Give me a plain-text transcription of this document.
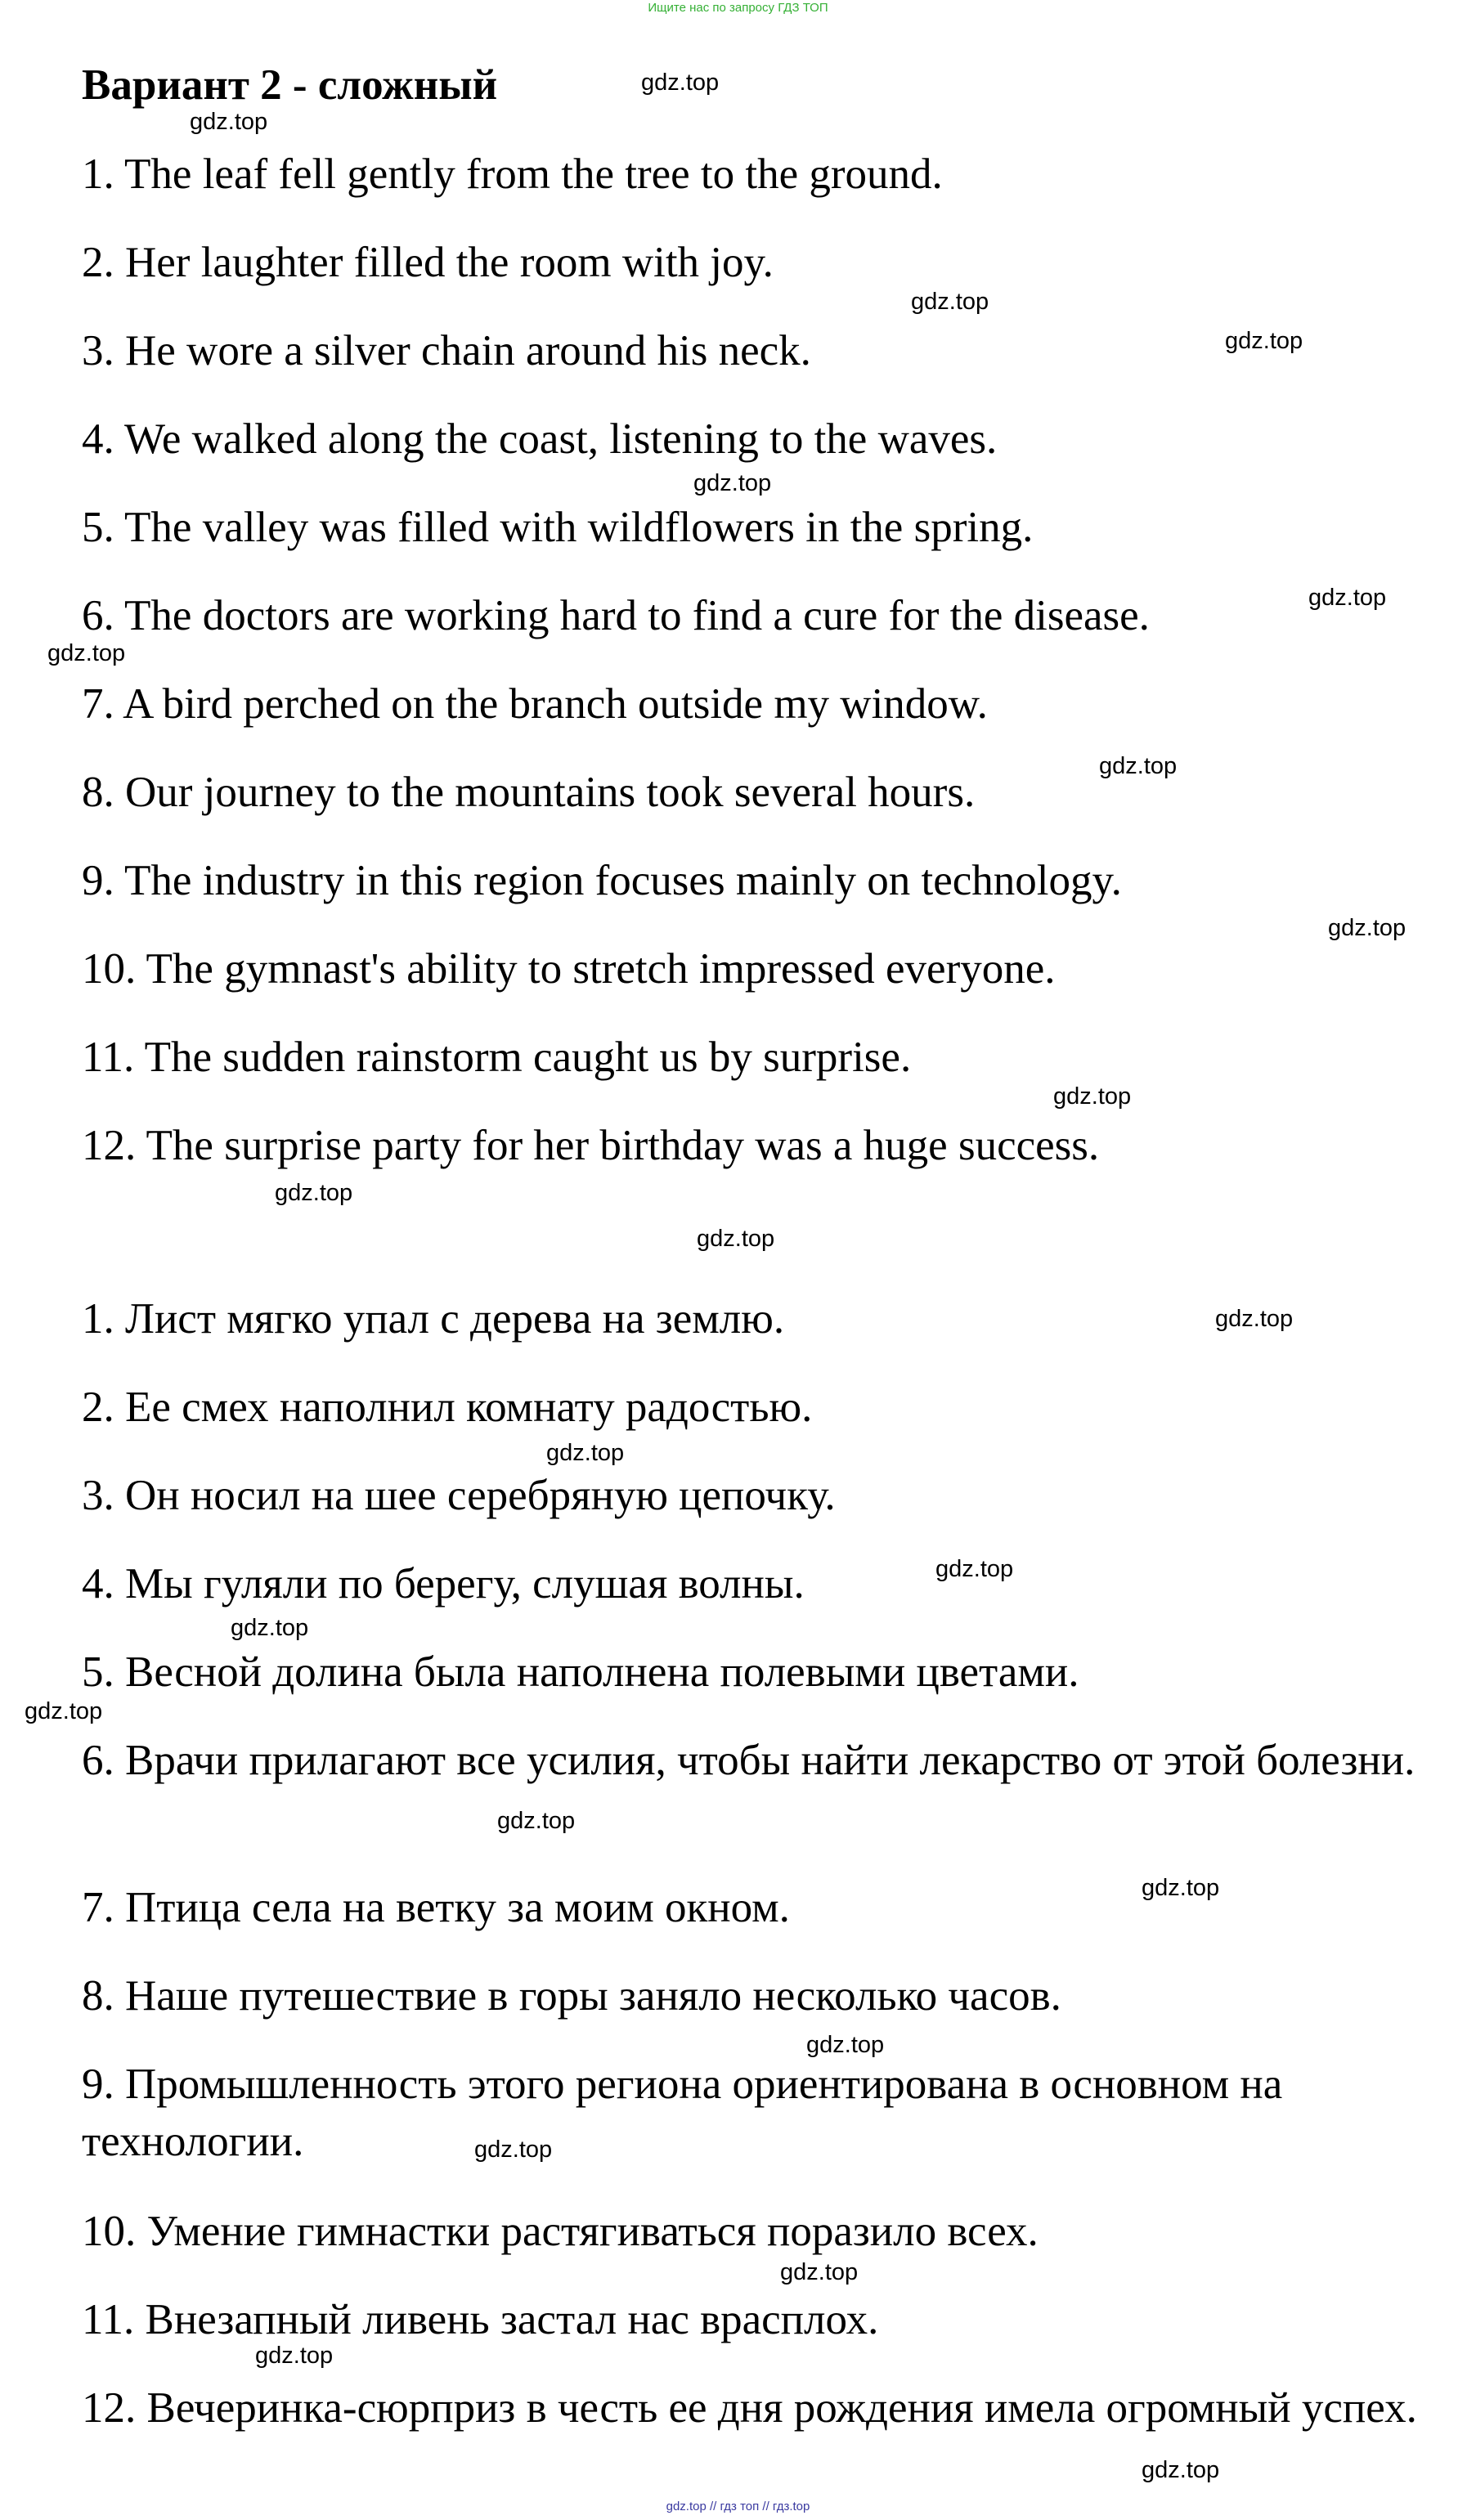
Ищите нас по запросу ГДЗ ТОП
Вариант 2 - сложный

1. The leaf fell gently from the tree to the ground.

2. Her laughter filled the room with joy.

3. He wore a silver chain around his neck.

4. We walked along the coast, listening to the waves.

5. The valley was filled with wildflowers in the spring.

6. The doctors are working hard to find a cure for the disease.

7. A bird perched on the branch outside my window.

8. Our journey to the mountains took several hours.

9. The industry in this region focuses mainly on technology.

10. The gymnast's ability to stretch impressed everyone.

11. The sudden rainstorm caught us by surprise.

12. The surprise party for her birthday was a huge success.

1. Лист мягко упал с дерева на землю.

2. Ее смех наполнил комнату радостью.

3. Он носил на шее серебряную цепочку.

4. Мы гуляли по берегу, слушая волны.

5. Весной долина была наполнена полевыми цветами.

6. Врачи прилагают все усилия, чтобы найти лекарство от этой болезни.

7. Птица села на ветку за моим окном.

8. Наше путешествие в горы заняло несколько часов.

9. Промышленность этого региона ориентирована в основном на технологии.

10. Умение гимнастки растягиваться поразило всех.

11. Внезапный ливень застал нас врасплох.

12. Вечеринка-сюрприз в честь ее дня рождения имела огромный успех.

gdz.top
gdz.top
gdz.top
gdz.top
gdz.top
gdz.top
gdz.top
gdz.top
gdz.top
gdz.top
gdz.top
gdz.top
gdz.top
gdz.top
gdz.top
gdz.top
gdz.top
gdz.top
gdz.top
gdz.top
gdz.top
gdz.top
gdz.top
gdz.top
gdz.top // гдз топ // гдз.top
